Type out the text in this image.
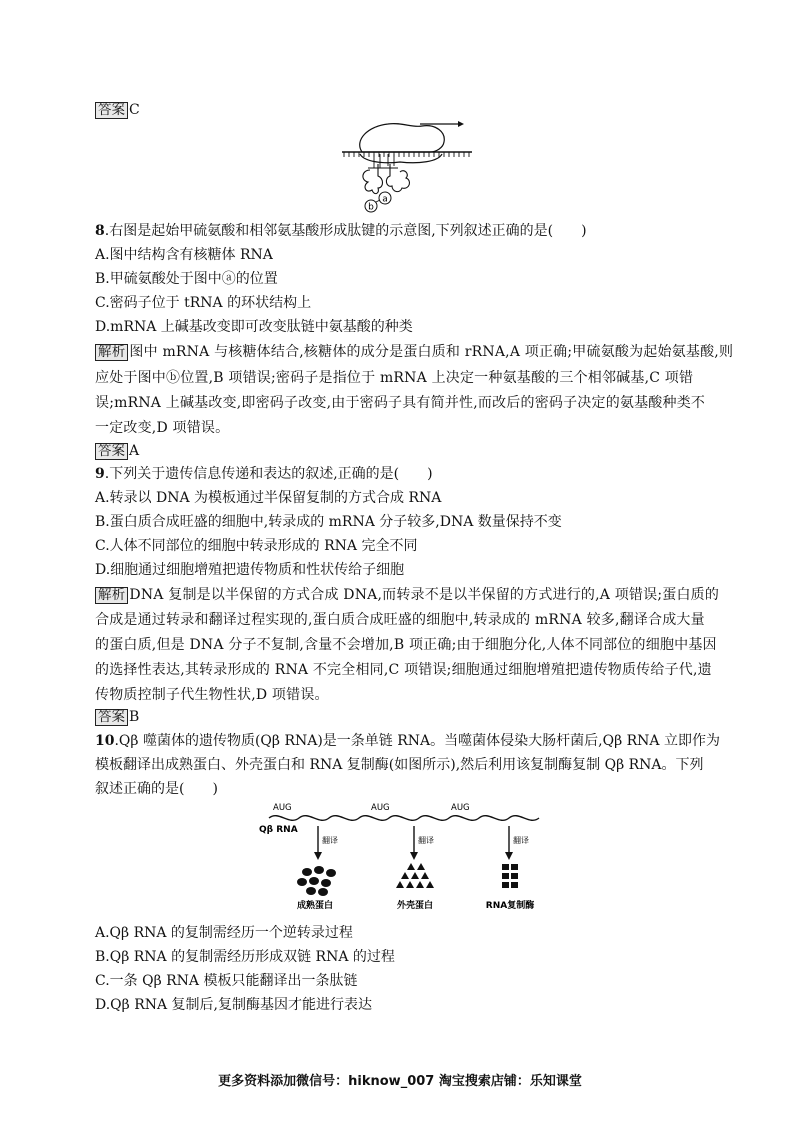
答案 C
b
a
8.右图是起始甲硫氨酸和相邻氨基酸形成肽键的示意图,下列叙述正确的是(　　)
A.图中结构含有核糖体 RNA
B.甲硫氨酸处于图中ⓐ的位置
C.密码子位于 tRNA 的环状结构上
D.mRNA 上碱基改变即可改变肽链中氨基酸的种类
解析 图中 mRNA 与核糖体结合,核糖体的成分是蛋白质和 rRNA,A 项正确;甲硫氨酸为起始氨基酸,则
应处于图中ⓑ位置,B 项错误;密码子是指位于 mRNA 上决定一种氨基酸的三个相邻碱基,C 项错
误;mRNA 上碱基改变,即密码子改变,由于密码子具有简并性,而改后的密码子决定的氨基酸种类不
一定改变,D 项错误。
答案 A
9.下列关于遗传信息传递和表达的叙述,正确的是(　　)
A.转录以 DNA 为模板通过半保留复制的方式合成 RNA
B.蛋白质合成旺盛的细胞中,转录成的 mRNA 分子较多,DNA 数量保持不变
C.人体不同部位的细胞中转录形成的 RNA 完全不同
D.细胞通过细胞增殖把遗传物质和性状传给子细胞
解析 DNA 复制是以半保留的方式合成 DNA,而转录不是以半保留的方式进行的,A 项错误;蛋白质的
合成是通过转录和翻译过程实现的,蛋白质合成旺盛的细胞中,转录成的 mRNA 较多,翻译合成大量
的蛋白质,但是 DNA 分子不复制,含量不会增加,B 项正确;由于细胞分化,人体不同部位的细胞中基因
的选择性表达,其转录形成的 RNA 不完全相同,C 项错误;细胞通过细胞增殖把遗传物质传给子代,遗
传物质控制子代生物性状,D 项错误。
答案 B
10.Qβ 噬菌体的遗传物质(Qβ RNA)是一条单链 RNA。当噬菌体侵染大肠杆菌后,Qβ RNA 立即作为
模板翻译出成熟蛋白、外壳蛋白和 RNA 复制酶(如图所示),然后利用该复制酶复制 Qβ RNA。下列
叙述正确的是(　　)
AUG	AUG	AUG
Qβ RNA
翻译	翻译	翻译
成熟蛋白	外壳蛋白	RNA复制酶
A.Qβ RNA 的复制需经历一个逆转录过程
B.Qβ RNA 的复制需经历形成双链 RNA 的过程
C.一条 Qβ RNA 模板只能翻译出一条肽链
D.Qβ RNA 复制后,复制酶基因才能进行表达
更多资料添加微信号：hiknow_007 淘宝搜索店铺：乐知课堂
